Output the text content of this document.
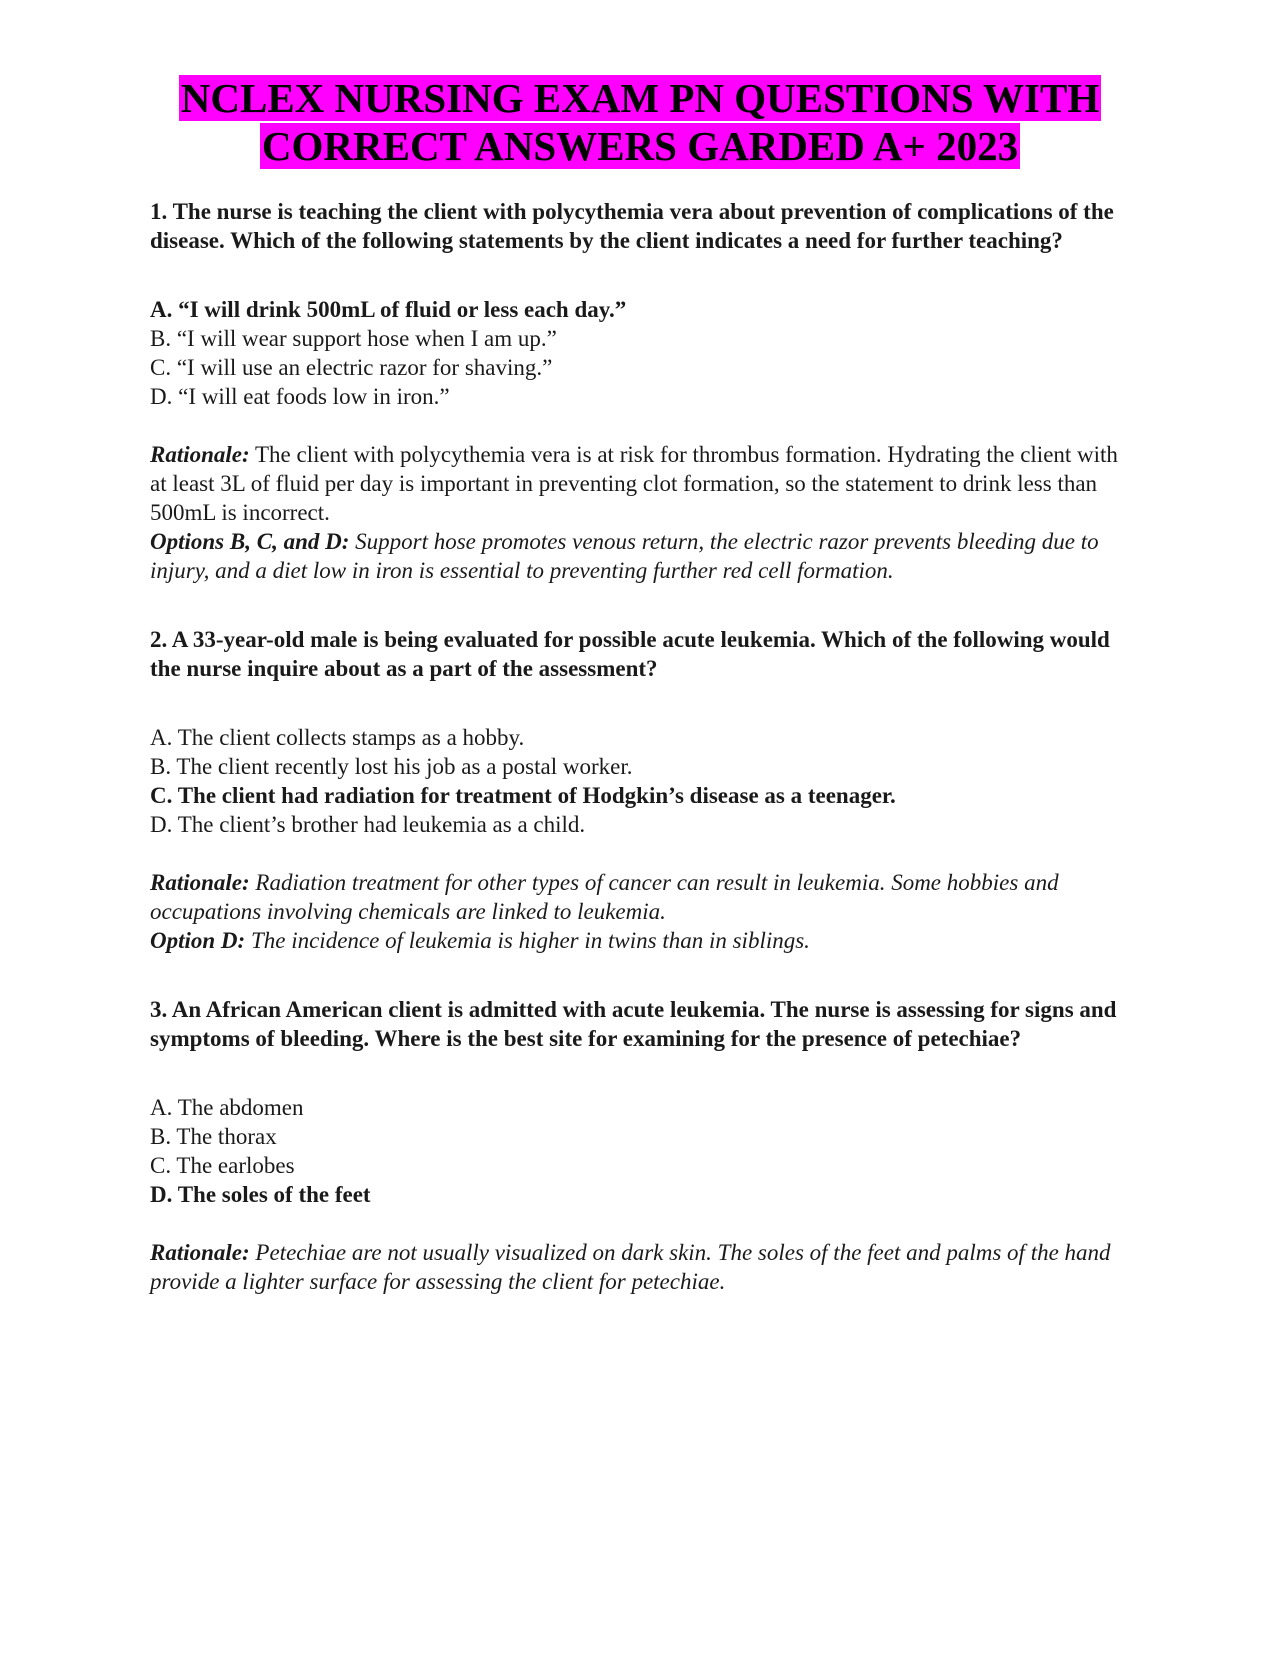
NCLEX NURSING EXAM PN QUESTIONS WITH
CORRECT ANSWERS GARDED A+ 2023

1. The nurse is teaching the client with polycythemia vera about prevention of complications of the disease. Which of the following statements by the client indicates a need for further teaching?

A. “I will drink 500mL of fluid or less each day.”
B. “I will wear support hose when I am up.”
C. “I will use an electric razor for shaving.”
D. “I will eat foods low in iron.”

Rationale: The client with polycythemia vera is at risk for thrombus formation. Hydrating the client with at least 3L of fluid per day is important in preventing clot formation, so the statement to drink less than 500mL is incorrect.
Options B, C, and D: Support hose promotes venous return, the electric razor prevents bleeding due to injury, and a diet low in iron is essential to preventing further red cell formation.

2. A 33-year-old male is being evaluated for possible acute leukemia. Which of the following would the nurse inquire about as a part of the assessment?

A. The client collects stamps as a hobby.
B. The client recently lost his job as a postal worker.
C. The client had radiation for treatment of Hodgkin’s disease as a teenager.
D. The client’s brother had leukemia as a child.

Rationale: Radiation treatment for other types of cancer can result in leukemia. Some hobbies and occupations involving chemicals are linked to leukemia.
Option D: The incidence of leukemia is higher in twins than in siblings.

3. An African American client is admitted with acute leukemia. The nurse is assessing for signs and symptoms of bleeding. Where is the best site for examining for the presence of petechiae?

A. The abdomen
B. The thorax
C. The earlobes
D. The soles of the feet

Rationale: Petechiae are not usually visualized on dark skin. The soles of the feet and palms of the hand provide a lighter surface for assessing the client for petechiae.
